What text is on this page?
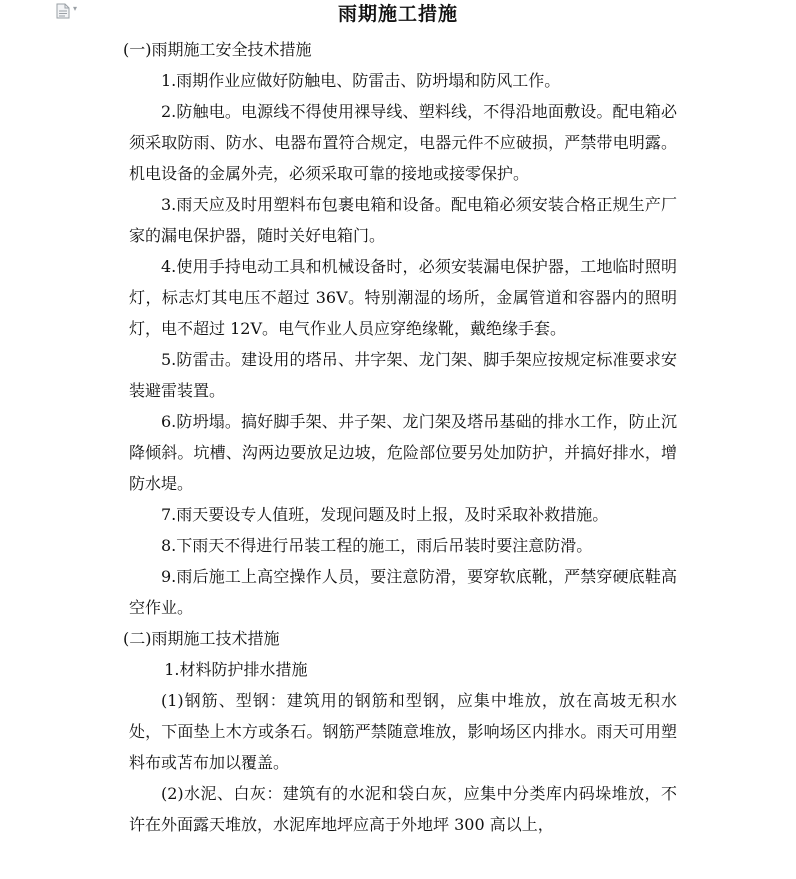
▾	雨期施工措施

(一)雨期施工安全技术措施

1.雨期作业应做好防触电、防雷击、防坍塌和防风工作。

2.防触电。电源线不得使用裸导线、塑料线，不得沿地面敷设。配电箱必须采取防雨、防水、电器布置符合规定，电器元件不应破损，严禁带电明露。机电设备的金属外壳，必须采取可靠的接地或接零保护。

3.雨天应及时用塑料布包裹电箱和设备。配电箱必须安装合格正规生产厂家的漏电保护器，随时关好电箱门。

4.使用手持电动工具和机械设备时，必须安装漏电保护器，工地临时照明灯，标志灯其电压不超过 36V。特别潮湿的场所，金属管道和容器内的照明灯，电不超过 12V。电气作业人员应穿绝缘靴，戴绝缘手套。

5.防雷击。建设用的塔吊、井字架、龙门架、脚手架应按规定标准要求安装避雷装置。

6.防坍塌。搞好脚手架、井子架、龙门架及塔吊基础的排水工作，防止沉降倾斜。坑槽、沟两边要放足边坡，危险部位要另处加防护，并搞好排水，增防水堤。

7.雨天要设专人值班，发现问题及时上报，及时采取补救措施。

8.下雨天不得进行吊装工程的施工，雨后吊装时要注意防滑。

9.雨后施工上高空操作人员，要注意防滑，要穿软底靴，严禁穿硬底鞋高空作业。

(二)雨期施工技术措施

1.材料防护排水措施

(1)钢筋、型钢：建筑用的钢筋和型钢，应集中堆放，放在高坡无积水处，下面垫上木方或条石。钢筋严禁随意堆放，影响场区内排水。雨天可用塑料布或苫布加以覆盖。

(2)水泥、白灰：建筑有的水泥和袋白灰，应集中分类库内码垛堆放，不许在外面露天堆放，水泥库地坪应高于外地坪 300 高以上，
